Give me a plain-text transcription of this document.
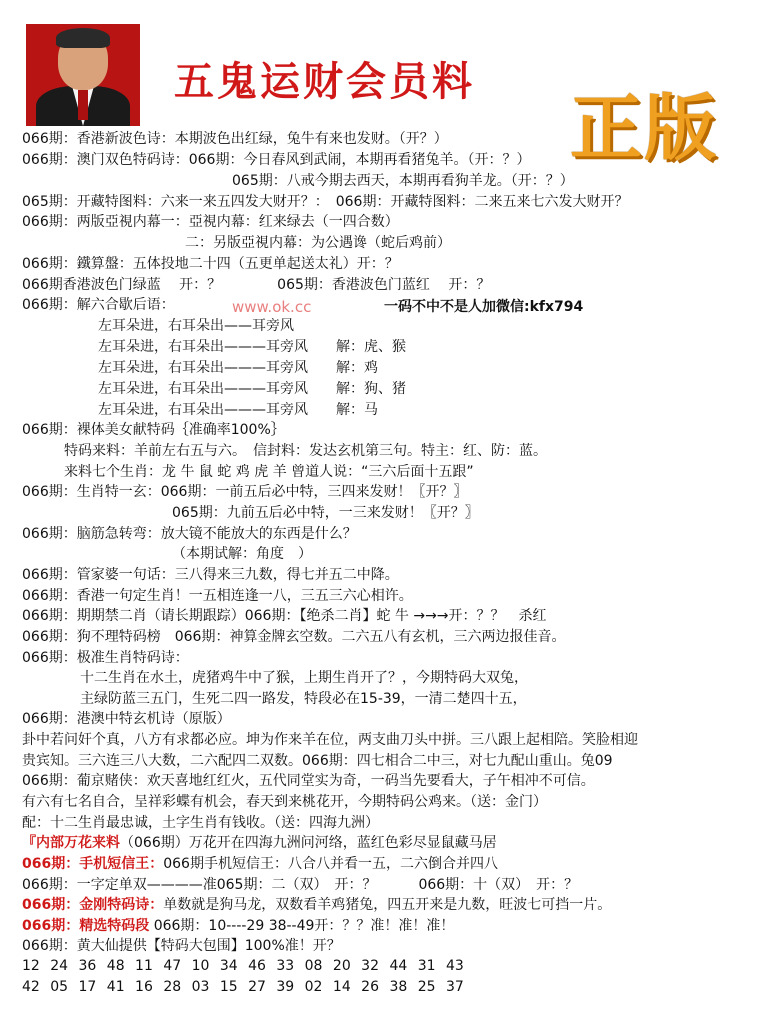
五鬼运财会员料
正版
066期：香港新波色诗：本期波色出红绿，兔牛有来也发财。（开？）
066期：澳门双色特码诗：066期：今日春风到武闹，本期再看猪兔羊。（开：？）
065期：八戒今期去西天，本期再看狗羊龙。（开：？）
065期：开藏特图料：六来一来五四发大财开？：　066期：开藏特图料：二来五来七六发大财开？
066期：两版亞視内幕一：亞視内幕：红来绿去（一四合数）
二：另版亞視内幕：为公遇谗（蛇后鸡前）
066期：鐵算盤：五体投地二十四（五更单起送太礼）开：？
066期香港波色门绿蓝　 开：？　　　　065期：香港波色门蓝红　 开：？
066期：解六合歇后语：	一码不中不是人加微信:kfx794
www.ok.cc
左耳朵进，右耳朵出——耳旁风
左耳朵进，右耳朵出———耳旁风　　解：虎、猴
左耳朵进，右耳朵出———耳旁风　　解：鸡
左耳朵进，右耳朵出———耳旁风　　解：狗、猪
左耳朵进，右耳朵出———耳旁风　　解：马
066期：裸体美女献特码｛准确率100%｝
特码来料：羊前左右五与六。　信封料：发达玄机第三句。特主：红、防：蓝。
来料七个生肖：龙 牛 鼠 蛇 鸡 虎 羊 曾道人说：“三六后面十五跟”
066期：生肖特一玄：066期：一前五后必中特，三四来发财！〖开？〗
065期：九前五后必中特，一三来发财！〖开？〗
066期：脑筋急转弯：放大镜不能放大的东西是什么？
（本期试解：角度　）
066期：管家婆一句话：三八得来三九数，得七并五二中降。
066期：香港一句定生肖！一五相连逢一八，三五三六心相许。
066期：期期禁二肖（请长期跟踪）066期：【绝杀二肖】蛇 牛 →→→开：？？　杀红
066期：狗不理特码榜　066期：神算金牌玄空数。二六五八有玄机，三六两边报佳音。
066期：极准生肖特码诗：
十二生肖在水土，虎猪鸡牛中了猴，上期生肖开了？，今期特码大双兔，
主绿防蓝三五门，生死二四一路发，特段必在15-39，一清二楚四十五，
066期：港澳中特玄机诗（原版）
卦中若问奸个真，八方有求都必应。坤为作来羊在位，两支曲刀头中拼。三八跟上起相陪。笑脸相迎
贵宾知。三六连三八大数，二六配四二双数。066期：四七相合二中三，对七九配山重山。兔09
066期：葡京赌侠：欢天喜地红红火，五代同堂实为奇，一码当先要看大，子午相冲不可信。
有六有七名自合，呈祥彩蝶有机会，春天到来桃花开，今期特码公鸡来。（送：金门）
配：十二生肖最忠诚，土字生肖有钱收。（送：四海九洲）
『内部万花来料（066期）万花开在四海九洲问河络，蓝红色彩尽显鼠藏马居
066期：手机短信王：066期手机短信王：八合八并看一五，二六倒合并四八
066期：一字定单双————准065期：二（双）　开：？　　　066期：十（双）　开：？
066期：金刚特码诗：单数就是狗马龙，双数看羊鸡猪兔，四五开来是九数，旺波七可挡一片。
066期：精选特码段 066期：10----29 38--49开：？？准！准！准！
066期：黄大仙提供【特码大包围】100%准！开？
12 24 36 48 11 47 10 34 46 33 08 20 32 44 31 43
42 05 17 41 16 28 03 15 27 39 02 14 26 38 25 37
